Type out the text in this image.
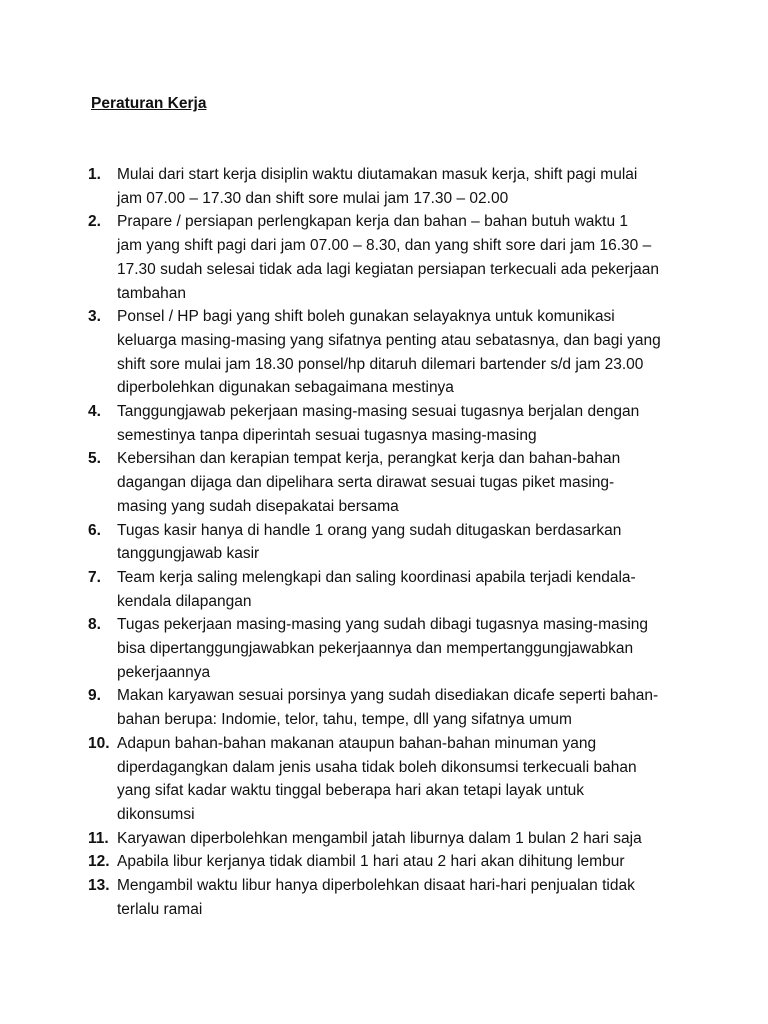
Peraturan Kerja
1. Mulai dari start kerja disiplin waktu diutamakan masuk kerja, shift pagi mulai
jam 07.00 – 17.30 dan shift sore mulai jam 17.30 – 02.00
2. Prapare / persiapan perlengkapan kerja dan bahan – bahan butuh waktu 1
jam yang shift pagi dari jam 07.00 – 8.30, dan yang shift sore dari jam 16.30 –
17.30 sudah selesai tidak ada lagi kegiatan persiapan terkecuali ada pekerjaan
tambahan
3. Ponsel / HP bagi yang shift boleh gunakan selayaknya untuk komunikasi
keluarga masing-masing yang sifatnya penting atau sebatasnya, dan bagi yang
shift sore mulai jam 18.30 ponsel/hp ditaruh dilemari bartender s/d jam 23.00
diperbolehkan digunakan sebagaimana mestinya
4. Tanggungjawab pekerjaan masing-masing sesuai tugasnya berjalan dengan
semestinya tanpa diperintah sesuai tugasnya masing-masing
5. Kebersihan dan kerapian tempat kerja, perangkat kerja dan bahan-bahan
dagangan dijaga dan dipelihara serta dirawat sesuai tugas piket masing-
masing yang sudah disepakatai bersama
6. Tugas kasir hanya di handle 1 orang yang sudah ditugaskan berdasarkan
tanggungjawab kasir
7. Team kerja saling melengkapi dan saling koordinasi apabila terjadi kendala-
kendala dilapangan
8. Tugas pekerjaan masing-masing yang sudah dibagi tugasnya masing-masing
bisa dipertanggungjawabkan pekerjaannya dan mempertanggungjawabkan
pekerjaannya
9. Makan karyawan sesuai porsinya yang sudah disediakan dicafe seperti bahan-
bahan berupa: Indomie, telor, tahu, tempe, dll yang sifatnya umum
10. Adapun bahan-bahan makanan ataupun bahan-bahan minuman yang
diperdagangkan dalam jenis usaha tidak boleh dikonsumsi terkecuali bahan
yang sifat kadar waktu tinggal beberapa hari akan tetapi layak untuk
dikonsumsi
11. Karyawan diperbolehkan mengambil jatah liburnya dalam 1 bulan 2 hari saja
12. Apabila libur kerjanya tidak diambil 1 hari atau 2 hari akan dihitung lembur
13. Mengambil waktu libur hanya diperbolehkan disaat hari-hari penjualan tidak
terlalu ramai
